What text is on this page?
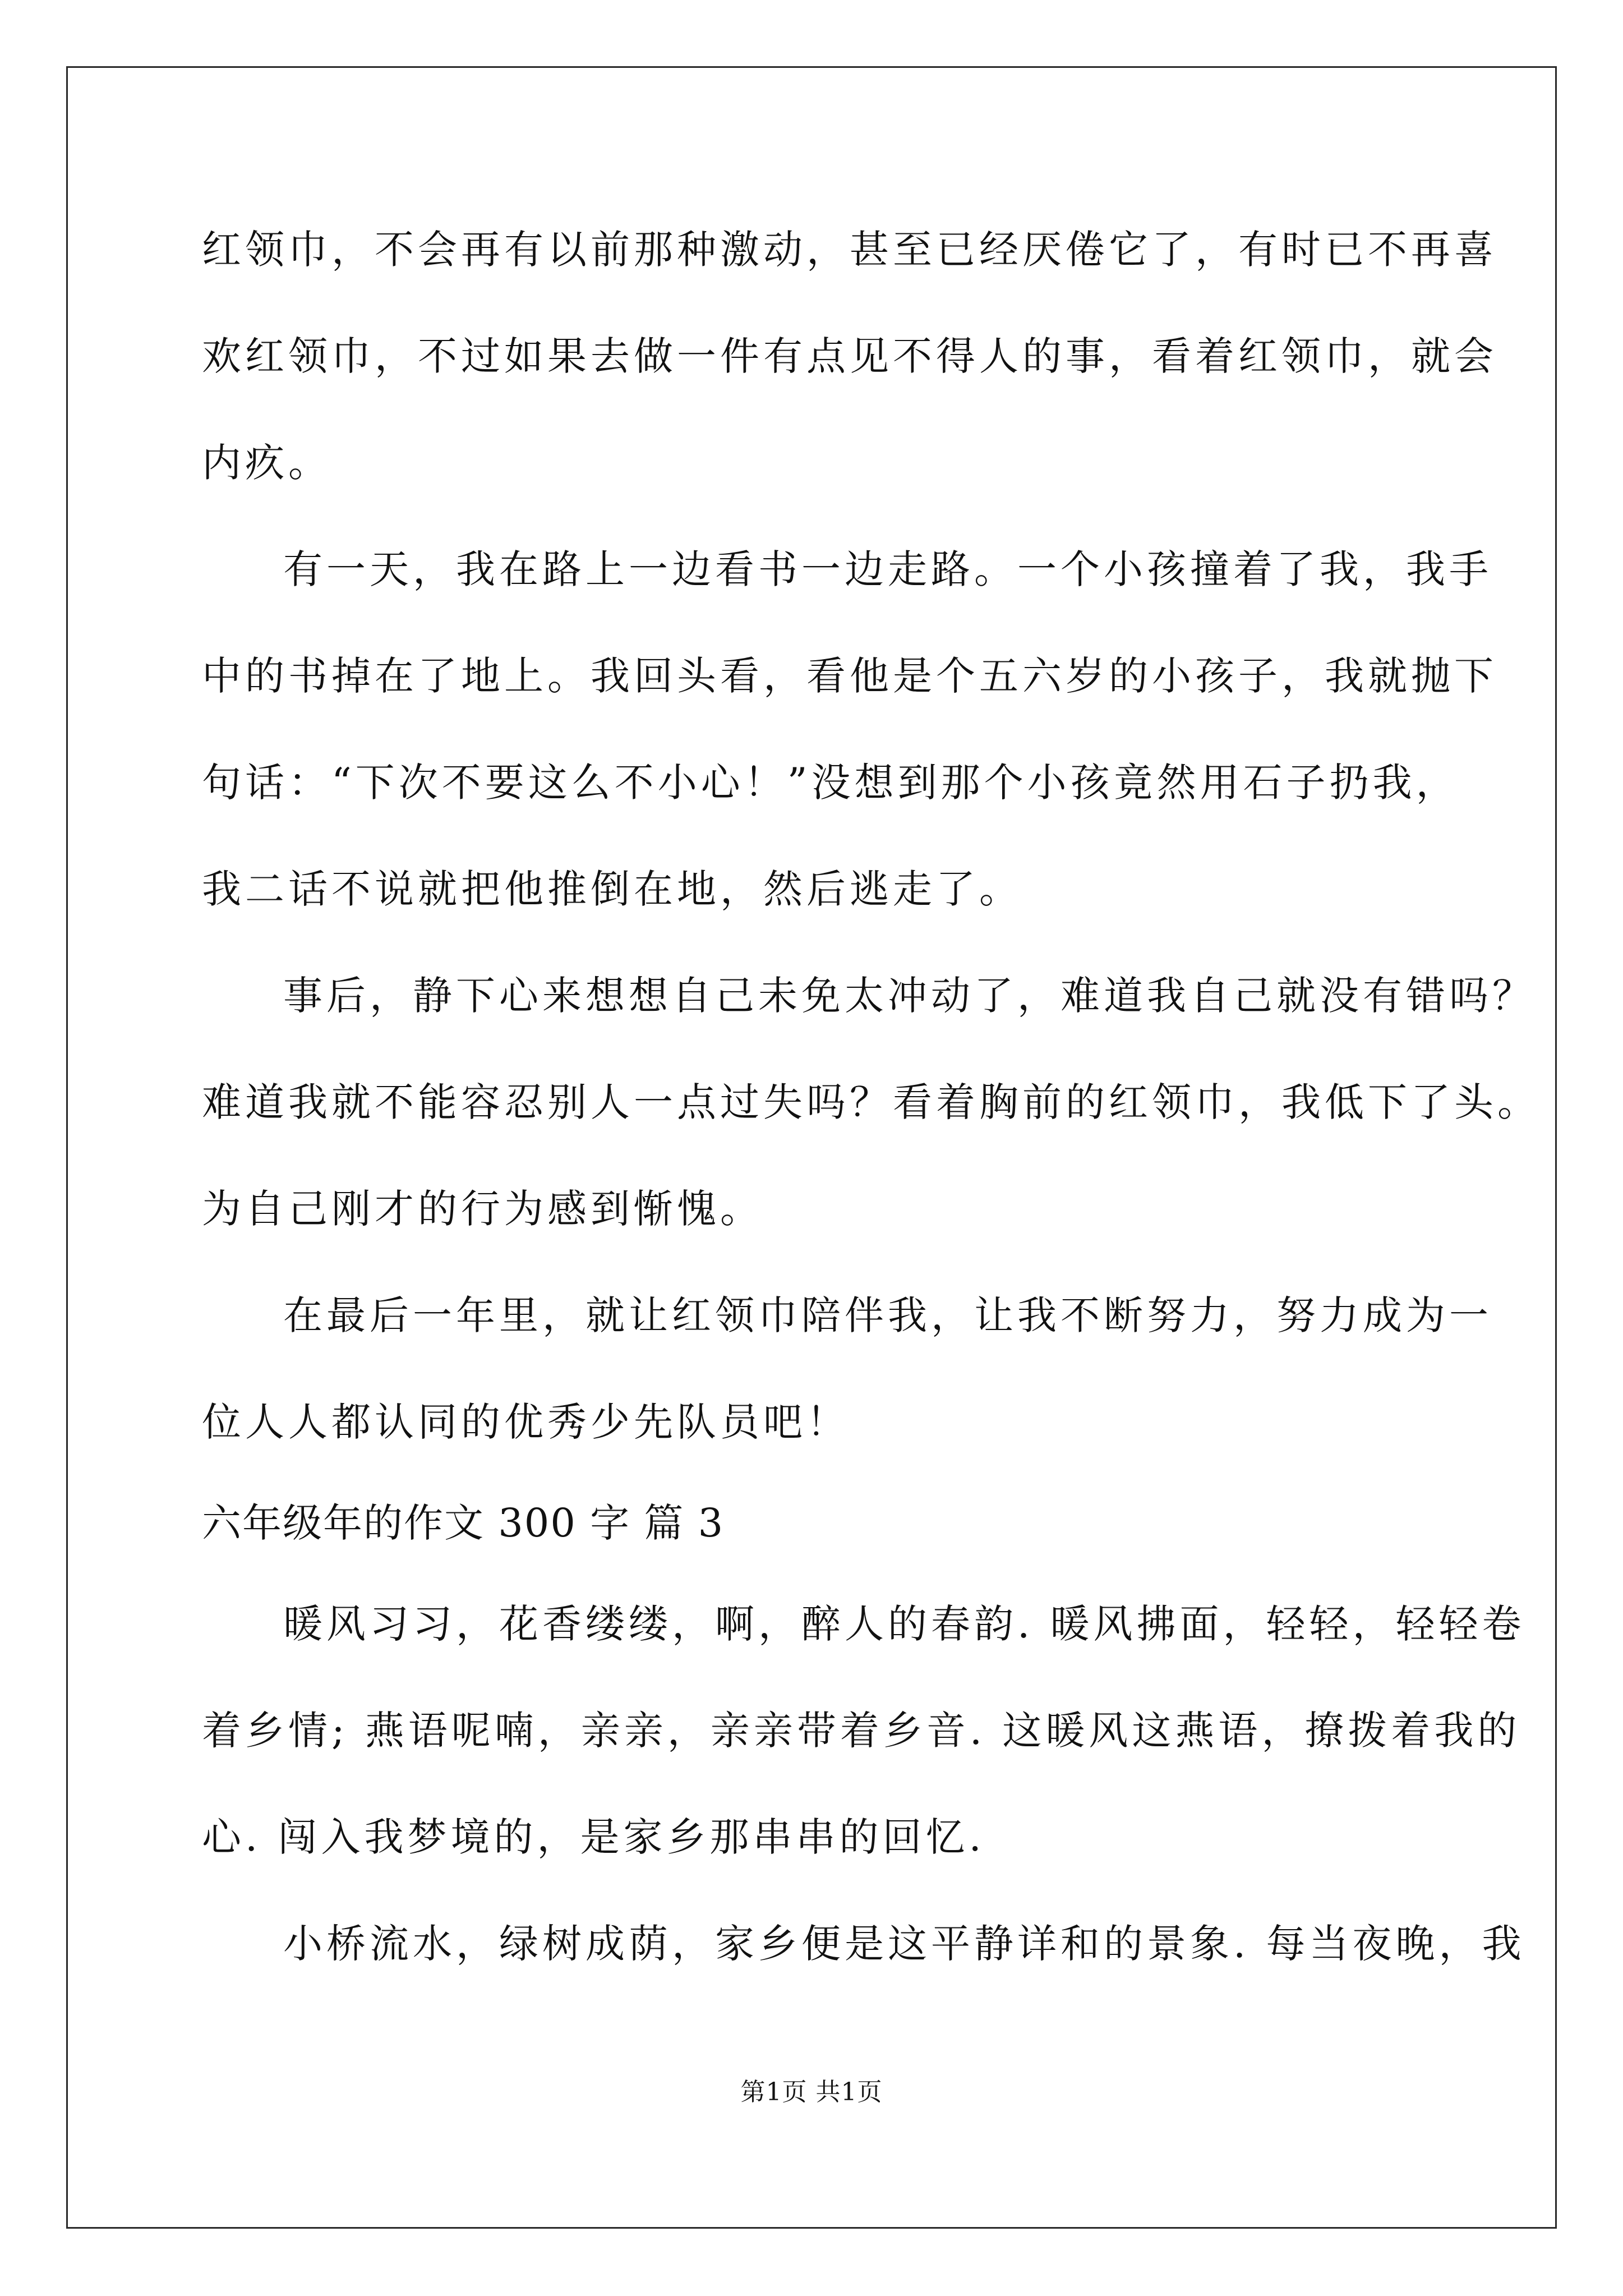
红领巾，不会再有以前那种激动，甚至已经厌倦它了，有时已不再喜
欢红领巾，不过如果去做一件有点见不得人的事，看着红领巾，就会
内疚。
有一天，我在路上一边看书一边走路。一个小孩撞着了我，我手
中的书掉在了地上。我回头看，看他是个五六岁的小孩子，我就抛下
句话：“下次不要这么不小心！”没想到那个小孩竟然用石子扔我，
我二话不说就把他推倒在地，然后逃走了。
事后，静下心来想想自己未免太冲动了，难道我自己就没有错吗？
难道我就不能容忍别人一点过失吗？看着胸前的红领巾，我低下了头。
为自己刚才的行为感到惭愧。
在最后一年里，就让红领巾陪伴我，让我不断努力，努力成为一
位人人都认同的优秀少先队员吧！
六年级年的作文 300 字 篇 3
暖风习习，花香缕缕，啊，醉人的春韵. 暖风拂面，轻轻，轻轻卷
着乡情; 燕语呢喃，亲亲，亲亲带着乡音. 这暖风这燕语，撩拨着我的
心. 闯入我梦境的，是家乡那串串的回忆.
小桥流水，绿树成荫，家乡便是这平静详和的景象. 每当夜晚，我
第1页 共1页
